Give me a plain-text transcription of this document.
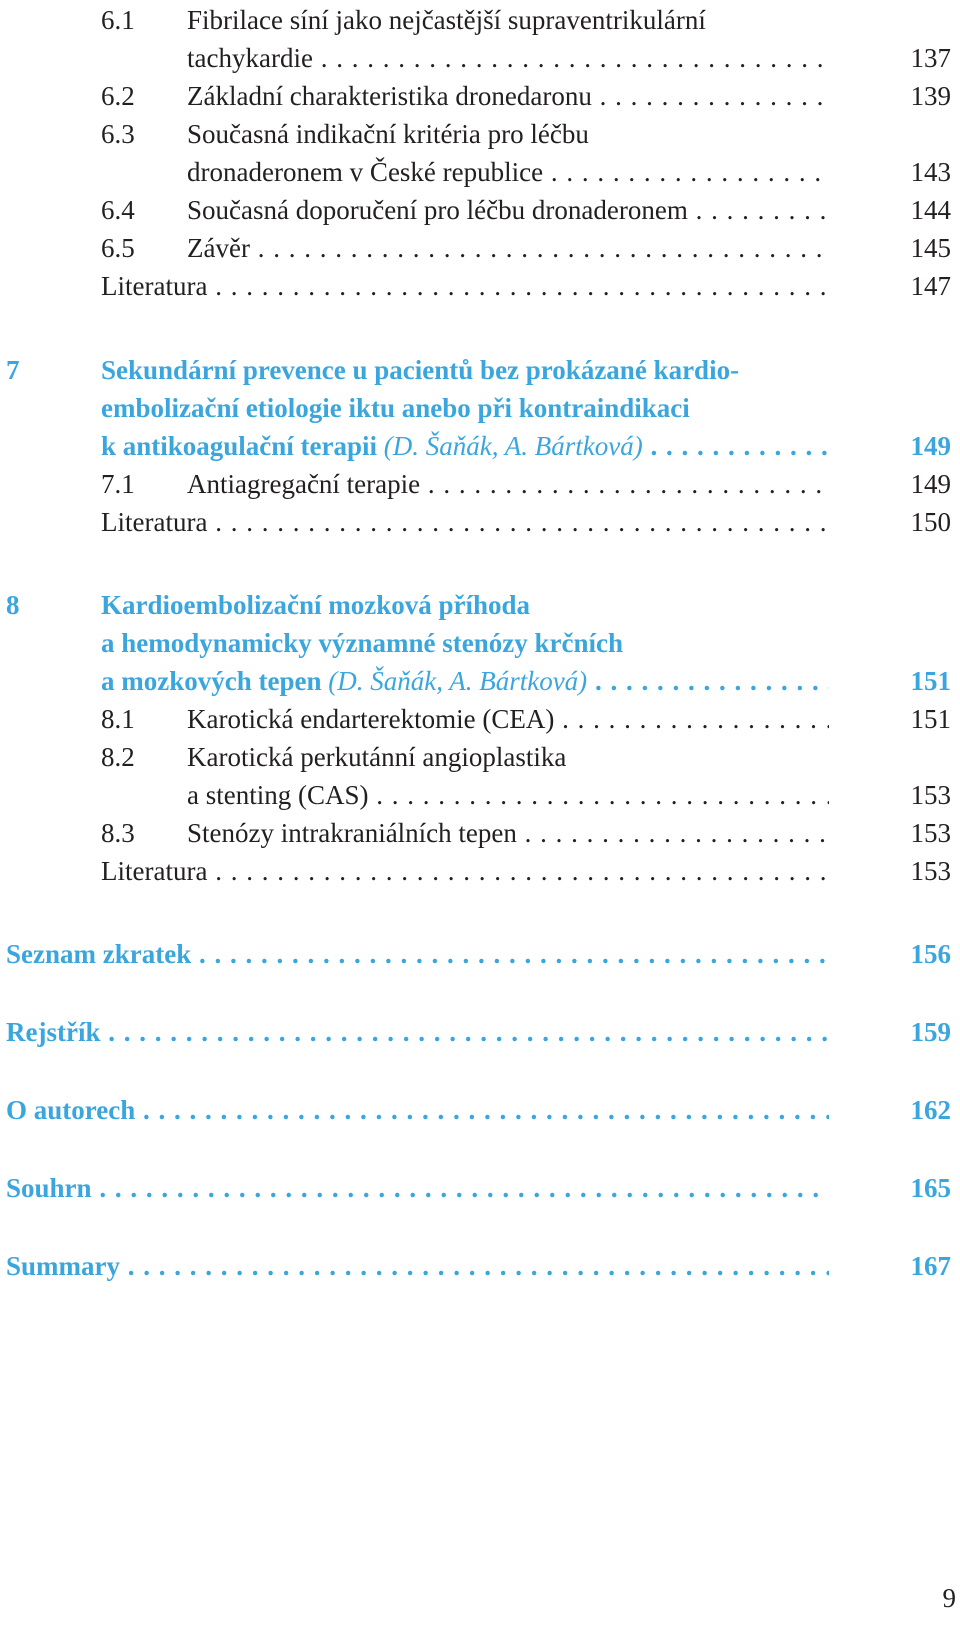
6.1 Fibrilace síní jako nejčastější supraventrikulární
tachykardie . . .	137
6.2 Základní charakteristika dronedaronu . . .	139
6.3 Současná indikační kritéria pro léčbu
dronaderonem v České republice . . .	143
6.4 Současná doporučení pro léčbu dronaderonem . . .	144
6.5 Závěr . . .	145
Literatura . . .	147
7	Sekundární prevence u pacientů bez prokázané kardio-
embolizační etiologie iktu anebo při kontraindikaci
k antikoagulační terapii (D. Šaňák, A. Bártková) . . .	149
7.1 Antiagregační terapie . . .	149
Literatura . . .	150
8	Kardioembolizační mozková příhoda
a hemodynamicky významné stenózy krčních
a mozkových tepen (D. Šaňák, A. Bártková) . . .	151
8.1 Karotická endarterektomie (CEA) . . .	151
8.2 Karotická perkutánní angioplastika
a stenting (CAS) . . .	153
8.3 Stenózy intrakraniálních tepen . . .	153
Literatura . . .	153
Seznam zkratek . . .	156
Rejstřík . . .	159
O autorech . . .	162
Souhrn . . .	165
Summary . . .	167
9
